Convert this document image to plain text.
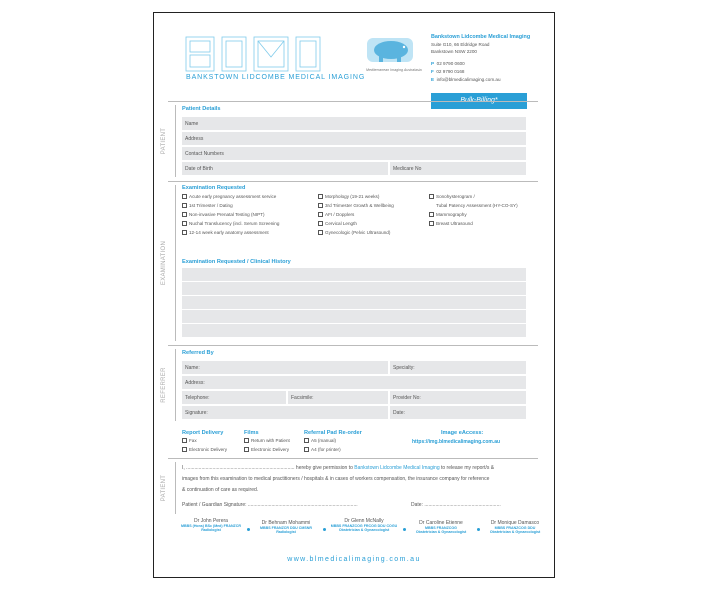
BANKSTOWN LIDCOMBE MEDICAL IMAGING
Mediterranean Imaging Australasia
Bankstown Lidcombe Medical Imaging
Suite G10, 66 Eldridge Road
Bankstown NSW 2200
P 02 9790 0600
F 02 9790 0168
E info@blmedicalimaging.com.au
Bulk-Billing*
PATIENT
Patient Details
Name
Address
Contact Numbers
Date of Birth	Medicare No
EXAMINATION
Examination Requested
Acute early pregnancy assessment service
1st Trimester / Dating
Non-invasive Prenatal Testing (NIPT)
Nuchal Translucency (incl. Serum Screening
12-14 week early anatomy assessment
Morphology (19-21 weeks)
3rd Trimester Growth & Wellbeing
AFI / Dopplers
Cervical Length
Gynecologic (Pelvic Ultrasound)
Sonohysterogram /
Tubal Patency Assessment (HY-CO-SY)
Mammography
Breast Ultrasound
Examination Requested / Clinical History
REFERRER
Referred By
Name:	Specialty:
Address:
Telephone:	Facsimile:	Provider No:
Signature:	Date:
Report Delivery
Fax
Electronic Delivery
Films
Return with Patient
Electronic Delivery
Referral Pad Re-order
A5 (manual)
A4 (for printer)
Image eAccess:
https://img.blmedicalimaging.com.au
PATIENT
I, .............................................................................. hereby give permission to Bankstown Lidcombe Medical Imaging to release my report/s &
images from this examination to medical practitioners / hospitals & in cases of workers compensation, the insurance company for reference
& continuation of care as required.
Patient / Guardian Signature: ...............................................................................	Date: .......................................................
Dr John Perera
MBBS (Hons) BSc (Med) FRANZCR
Radiologist
Dr Behnam Mohammi
MBBS FRANZCR DDU CMSNR
Radiologist
Dr Glenn McNally
MBBS FRANZCOG FRCOG DDU COGU
Obstetrician & Gynaecologist
Dr Caroline Etienne
MBBS FRANZCOG
Obstetrician & Gynaecologist
Dr Monique Damasco
MBBS FRANZCOG DDU
Obstetrician & Gynaecologist
www.blmedicalimaging.com.au
